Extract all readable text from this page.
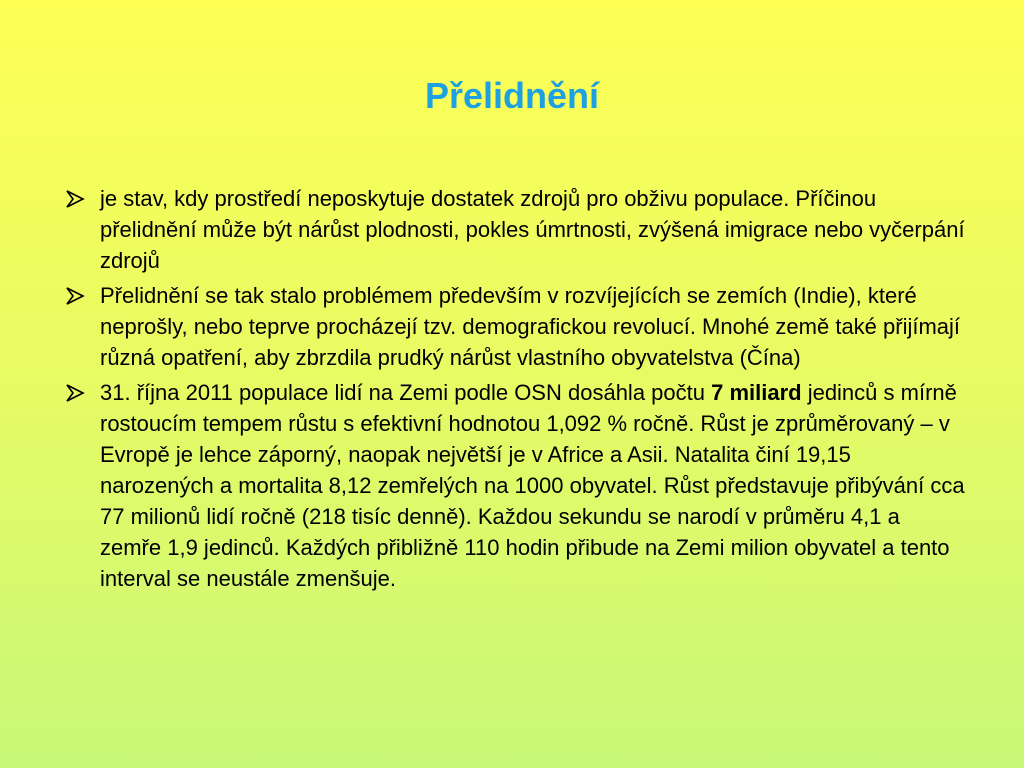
Přelidnění
je stav, kdy prostředí neposkytuje dostatek zdrojů pro obživu populace. Příčinou přelidnění může být nárůst plodnosti, pokles úmrtnosti, zvýšená imigrace nebo vyčerpání zdrojů
Přelidnění se tak stalo problémem především v rozvíjejících se zemích (Indie), které neprošly, nebo teprve procházejí tzv. demografickou revolucí. Mnohé země také přijímají různá opatření, aby zbrzdila prudký nárůst vlastního obyvatelstva (Čína)
31. října 2011 populace lidí na Zemi podle OSN dosáhla počtu 7 miliard jedinců s mírně rostoucím tempem růstu s efektivní hodnotou 1,092 % ročně. Růst je zprůměrovaný – v Evropě je lehce záporný, naopak největší je v Africe a Asii. Natalita činí 19,15 narozených a mortalita 8,12 zemřelých na 1000 obyvatel. Růst představuje přibývání cca 77 milionů lidí ročně (218 tisíc denně). Každou sekundu se narodí v průměru 4,1 a zemře 1,9 jedinců. Každých přibližně 110 hodin přibude na Zemi milion obyvatel a tento interval se neustále zmenšuje.
